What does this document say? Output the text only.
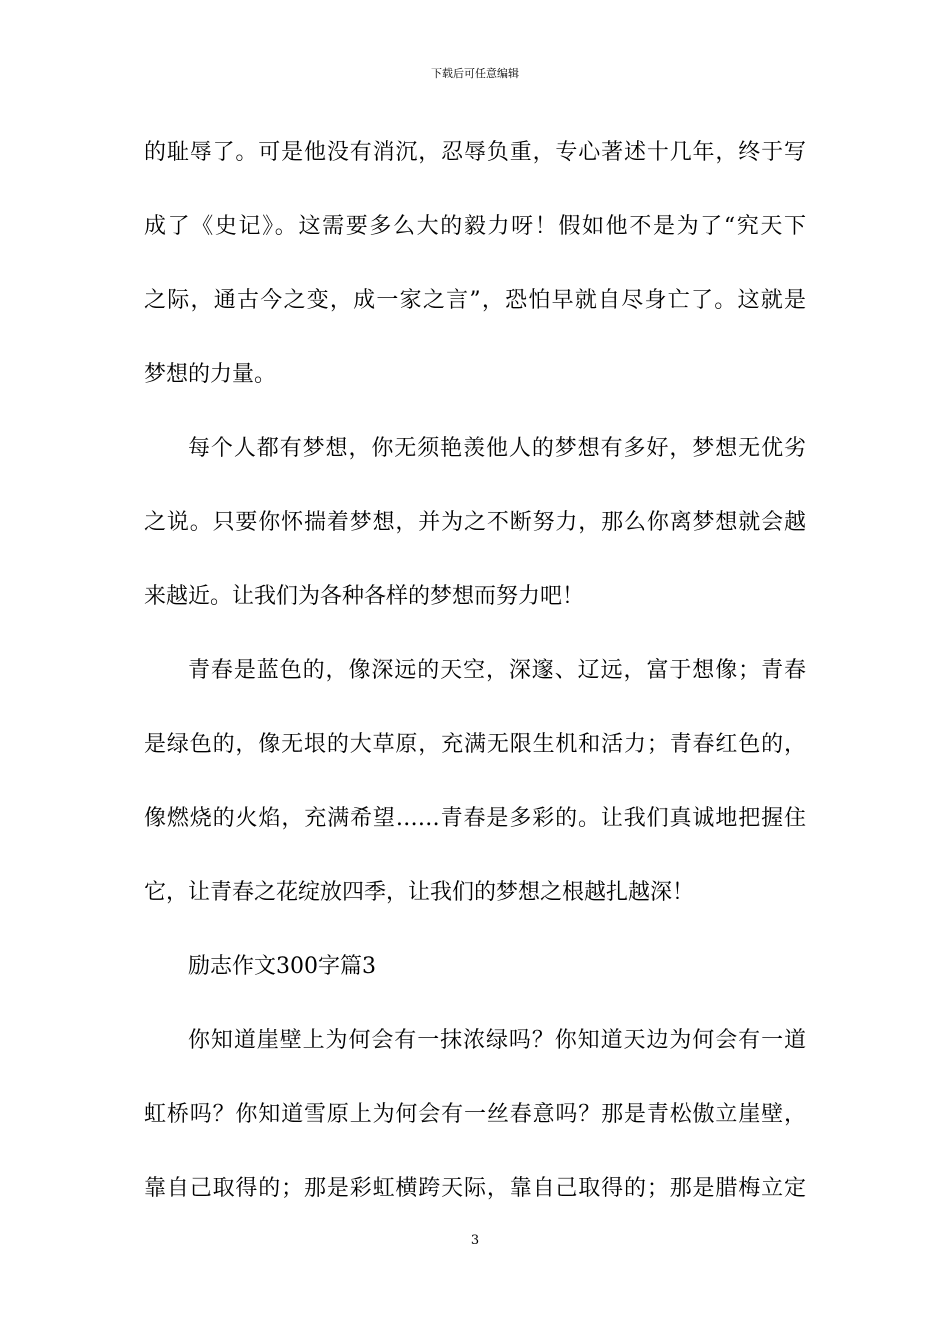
下载后可任意编辑
的耻辱了。可是他没有消沉，忍辱负重，专心著述十几年，终于写
成了《史记》。这需要多么大的毅力呀！假如他不是为了“究天下
之际，通古今之变，成一家之言”，恐怕早就自尽身亡了。这就是
梦想的力量。
每个人都有梦想，你无须艳羡他人的梦想有多好，梦想无优劣
之说。只要你怀揣着梦想，并为之不断努力，那么你离梦想就会越
来越近。让我们为各种各样的梦想而努力吧！
青春是蓝色的，像深远的天空，深邃、辽远，富于想像；青春
是绿色的，像无垠的大草原，充满无限生机和活力；青春红色的，
像燃烧的火焰，充满希望……青春是多彩的。让我们真诚地把握住
它，让青春之花绽放四季，让我们的梦想之根越扎越深！
励志作文300字篇3
你知道崖壁上为何会有一抹浓绿吗？你知道天边为何会有一道
虹桥吗？你知道雪原上为何会有一丝春意吗？那是青松傲立崖壁，
靠自己取得的；那是彩虹横跨天际，靠自己取得的；那是腊梅立定
3
